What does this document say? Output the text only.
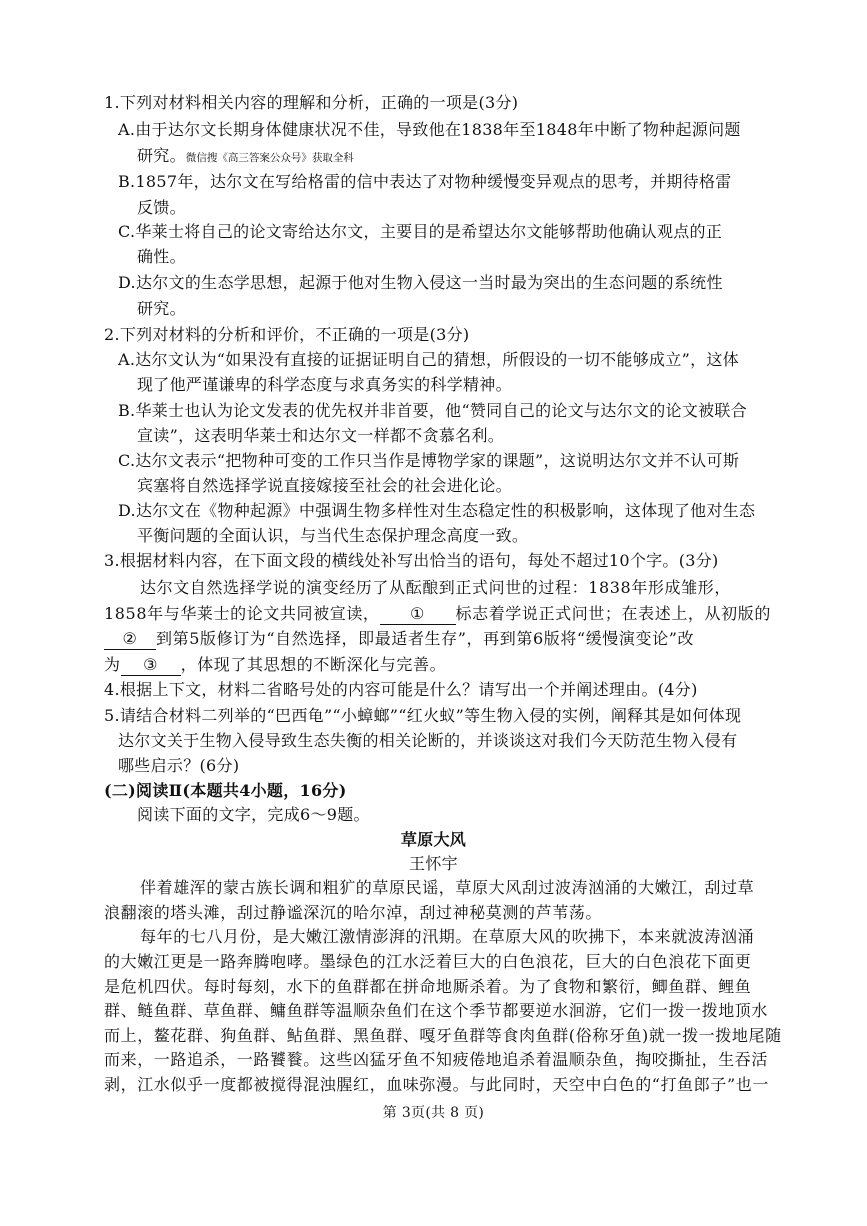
1.下列对材料相关内容的理解和分析，正确的一项是(3分)
A.由于达尔文长期身体健康状况不佳，导致他在1838年至1848年中断了物种起源问题
研究。微信搜《高三答案公众号》获取全科
B.1857年，达尔文在写给格雷的信中表达了对物种缓慢变异观点的思考，并期待格雷
反馈。
C.华莱士将自己的论文寄给达尔文，主要目的是希望达尔文能够帮助他确认观点的正
确性。
D.达尔文的生态学思想，起源于他对生物入侵这一当时最为突出的生态问题的系统性
研究。
2.下列对材料的分析和评价，不正确的一项是(3分)
A.达尔文认为“如果没有直接的证据证明自己的猜想，所假设的一切不能够成立”，这体
现了他严谨谦卑的科学态度与求真务实的科学精神。
B.华莱士也认为论文发表的优先权并非首要，他“赞同自己的论文与达尔文的论文被联合
宣读”，这表明华莱士和达尔文一样都不贪慕名利。
C.达尔文表示“把物种可变的工作只当作是博物学家的课题”，这说明达尔文并不认可斯
宾塞将自然选择学说直接嫁接至社会的社会进化论。
D.达尔文在《物种起源》中强调生物多样性对生态稳定性的积极影响，这体现了他对生态
平衡问题的全面认识，与当代生态保护理念高度一致。
3.根据材料内容，在下面文段的横线处补写出恰当的语句，每处不超过10个字。(3分)
达尔文自然选择学说的演变经历了从酝酿到正式问世的过程：1838年形成雏形，
1858年与华莱士的论文共同被宣读， ① 标志着学说正式问世；在表述上，从初版的
② 到第5版修订为“自然选择，即最适者生存”，再到第6版将“缓慢演变论”改
为 ③ ，体现了其思想的不断深化与完善。
4.根据上下文，材料二省略号处的内容可能是什么？请写出一个并阐述理由。(4分)
5.请结合材料二列举的“巴西龟”“小蟑螂”“红火蚁”等生物入侵的实例，阐释其是如何体现
达尔文关于生物入侵导致生态失衡的相关论断的，并谈谈这对我们今天防范生物入侵有
哪些启示？(6分)
(二)阅读Ⅱ(本题共4小题，16分)
阅读下面的文字，完成6～9题。
草原大风
王怀宇
伴着雄浑的蒙古族长调和粗犷的草原民谣，草原大风刮过波涛汹涌的大嫩江，刮过草
浪翻滚的塔头滩，刮过静谧深沉的哈尔淖，刮过神秘莫测的芦苇荡。
每年的七八月份，是大嫩江激情澎湃的汛期。在草原大风的吹拂下，本来就波涛汹涌
的大嫩江更是一路奔腾咆哮。墨绿色的江水泛着巨大的白色浪花，巨大的白色浪花下面更
是危机四伏。每时每刻，水下的鱼群都在拼命地厮杀着。为了食物和繁衍，鲫鱼群、鲤鱼
群、鲢鱼群、草鱼群、鳙鱼群等温顺杂鱼们在这个季节都要逆水洄游，它们一拨一拨地顶水
而上，鳌花群、狗鱼群、鲇鱼群、黑鱼群、嘎牙鱼群等食肉鱼群(俗称牙鱼)就一拨一拨地尾随
而来，一路追杀，一路饕餮。这些凶猛牙鱼不知疲倦地追杀着温顺杂鱼，掏咬撕扯，生吞活
剥，江水似乎一度都被搅得混浊腥红，血味弥漫。与此同时，天空中白色的“打鱼郎子”也一
第 3页(共 8 页)
